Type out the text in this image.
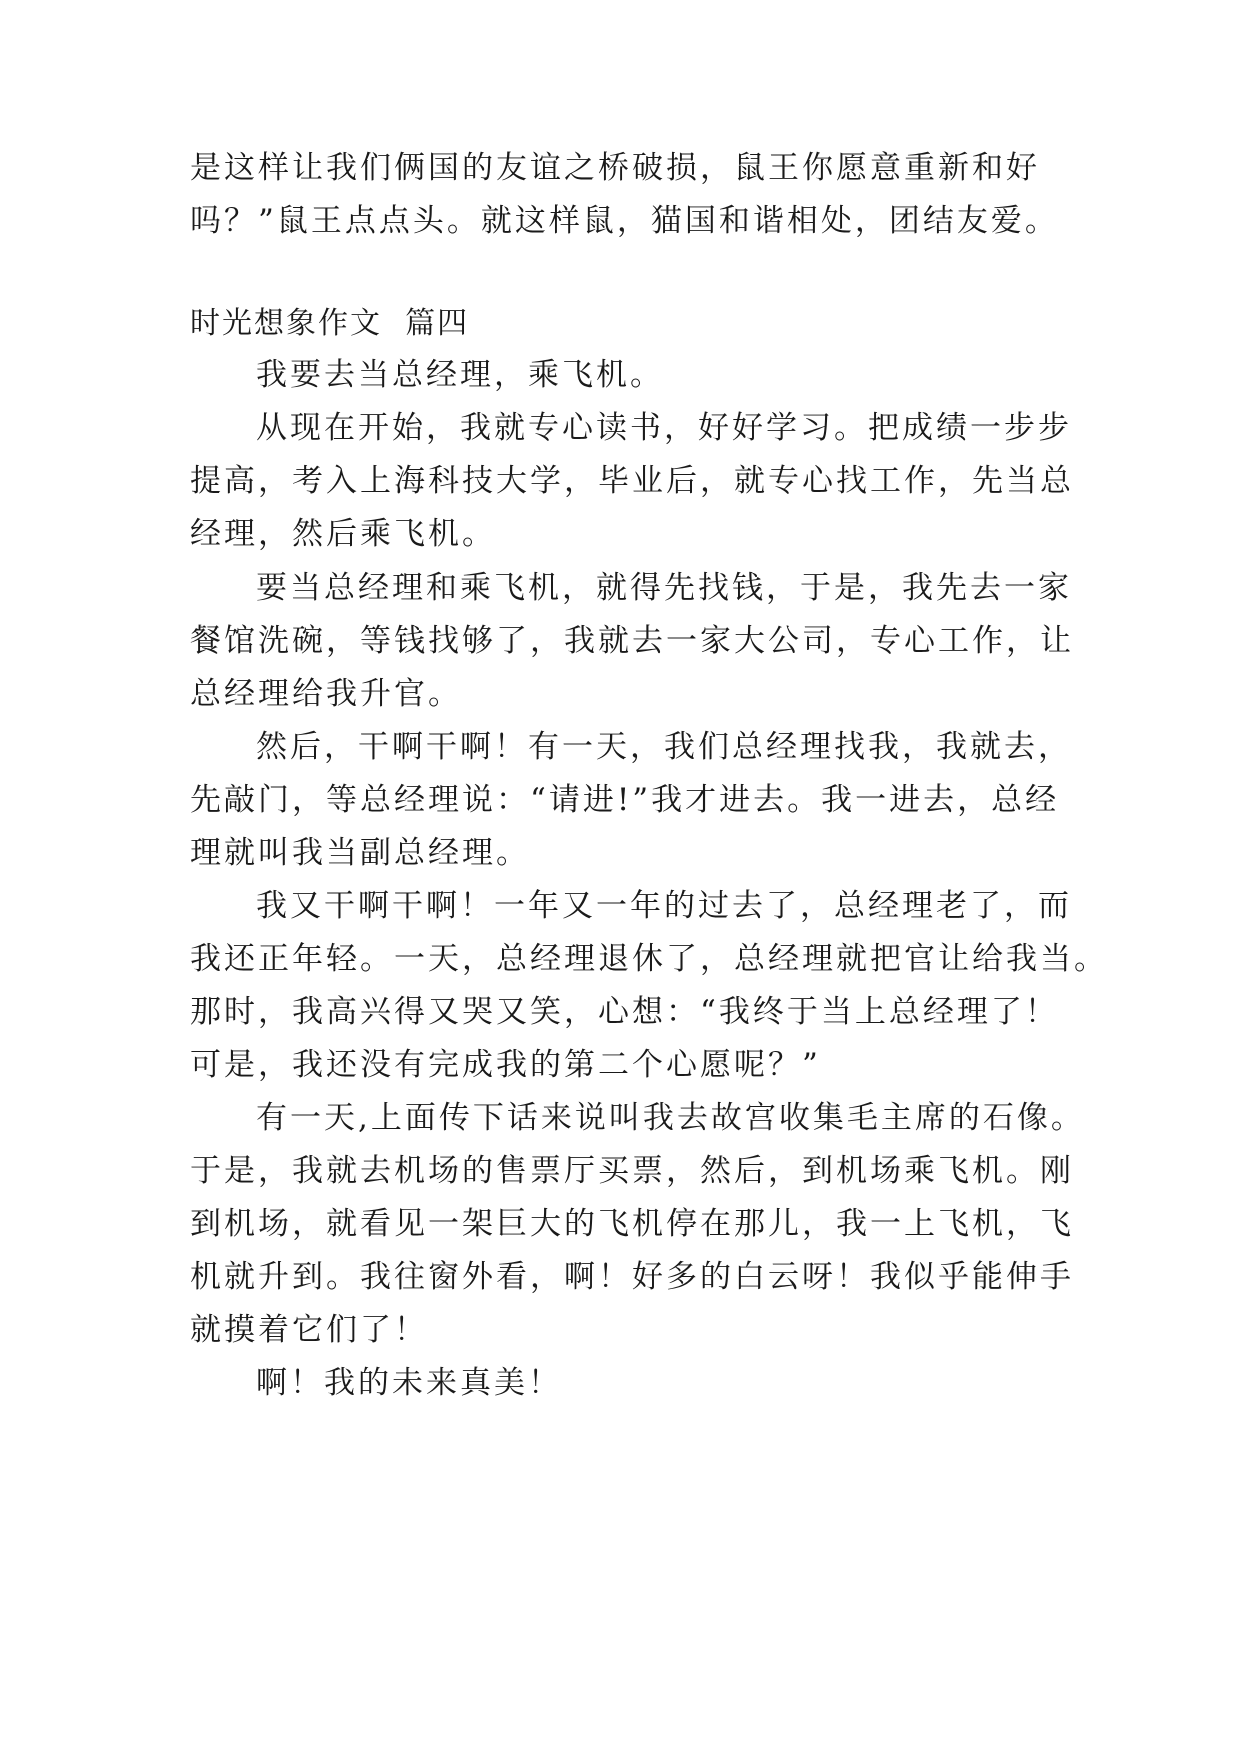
是这样让我们俩国的友谊之桥破损，鼠王你愿意重新和好
吗？”鼠王点点头。就这样鼠，猫国和谐相处，团结友爱。
时光想象作文  篇四
我要去当总经理，乘飞机。
从现在开始，我就专心读书，好好学习。把成绩一步步
提高，考入上海科技大学，毕业后，就专心找工作，先当总
经理，然后乘飞机。
要当总经理和乘飞机，就得先找钱，于是，我先去一家
餐馆洗碗，等钱找够了，我就去一家大公司，专心工作，让
总经理给我升官。
然后，干啊干啊！有一天，我们总经理找我，我就去，
先敲门，等总经理说：“请进!”我才进去。我一进去，总经
理就叫我当副总经理。
我又干啊干啊！一年又一年的过去了，总经理老了，而
我还正年轻。一天，总经理退休了，总经理就把官让给我当。
那时，我高兴得又哭又笑，心想：“我终于当上总经理了！
可是，我还没有完成我的第二个心愿呢？”
有一天,上面传下话来说叫我去故宫收集毛主席的石像。
于是，我就去机场的售票厅买票，然后，到机场乘飞机。刚
到机场，就看见一架巨大的飞机停在那儿，我一上飞机，飞
机就升到。我往窗外看，啊！好多的白云呀！我似乎能伸手
就摸着它们了！
啊！我的未来真美！
